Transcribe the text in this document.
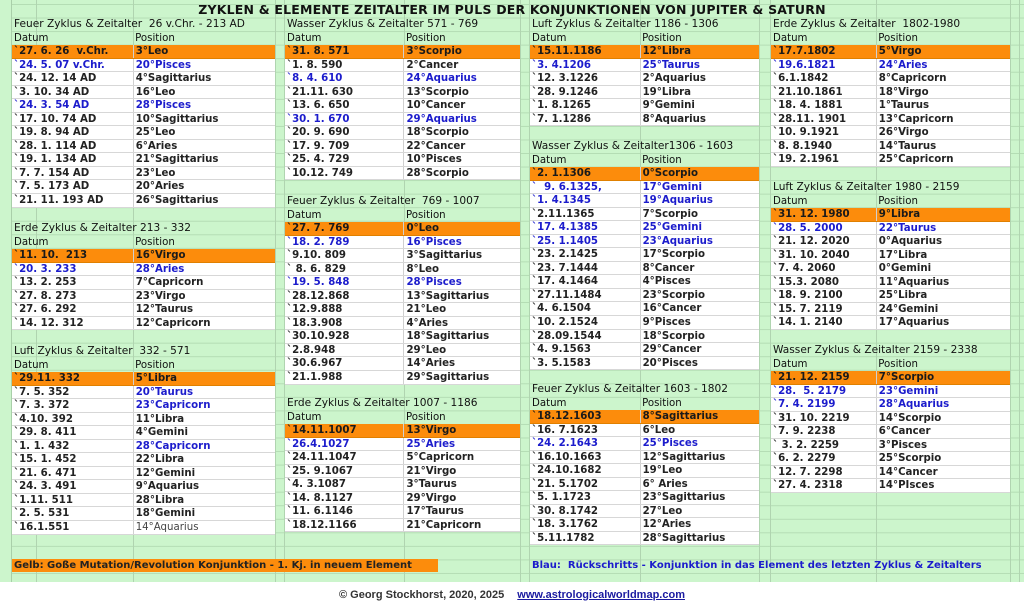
ZYKLEN & ELEMENTE ZEITALTER IM PULS DER KONJUNKTIONEN VON JUPITER & SATURN
Feuer Zyklus & Zeitalter  26 v.Chr. - 213 AD
Datum	Position
`27. 6. 26  v.Chr.	3°Leo
`24. 5. 07 v.Chr.	20°Pisces
`24. 12. 14 AD	4°Sagittarius
`3. 10. 34 AD	16°Leo
`24. 3. 54 AD	28°Pisces
`17. 10. 74 AD	10°Sagittarius
`19. 8. 94 AD	25°Leo
`28. 1. 114 AD	6°Aries
`19. 1. 134 AD	21°Sagittarius
`7. 7. 154 AD	23°Leo
`7. 5. 173 AD	20°Aries
`21. 11. 193 AD	26°Sagittarius
Erde Zyklus & Zeitalter 213 - 332
Datum	Position
`11. 10.  213	16°Virgo
`20. 3. 233	28°Aries
`13. 2. 253	7°Capricorn
`27. 8. 273	23°Virgo
`27. 6. 292	12°Taurus
`14. 12. 312	12°Capricorn
Luft Zyklus & Zeitalter  332 - 571
Datum	Position
`29.11. 332	5°Libra
`7. 5. 352	20°Taurus
`7. 3. 372	23°Capricorn
`4.10. 392	11°Libra
`29. 8. 411	4°Gemini
`1. 1. 432	28°Capricorn
`15. 1. 452	22°Libra
`21. 6. 471	12°Gemini
`24. 3. 491	9°Aquarius
`1.11. 511	28°Libra
`2. 5. 531	18°Gemini
`16.1.551	14°Aquarius
Wasser Zyklus & Zeitalter 571 - 769
Datum	Position
`31. 8. 571	3°Scorpio
`1. 8. 590	2°Cancer
`8. 4. 610	24°Aquarius
`21.11. 630	13°Scorpio
`13. 6. 650	10°Cancer
`30. 1. 670	29°Aquarius
`20. 9. 690	18°Scorpio
`17. 9. 709	22°Cancer
`25. 4. 729	10°Pisces
`10.12. 749	28°Scorpio
Feuer Zyklus & Zeitalter  769 - 1007
Datum	Position
`27. 7. 769	0°Leo
`18. 2. 789	16°Pisces
`9.10. 809	3°Sagittarius
` 8. 6. 829	8°Leo
`19. 5. 848	28°Pisces
`28.12.868	13°Sagittarius
`12.9.888	21°Leo
`18.3.908	4°Aries
`30.10.928	18°Sagittarius
`2.8.948	29°Leo
`30.6.967	14°Aries
`21.1.988	29°Sagittarius
Erde Zyklus & Zeitalter 1007 - 1186
Datum	Position
`14.11.1007	13°Virgo
`26.4.1027	25°Aries
`24.11.1047	5°Capricorn
`25. 9.1067	21°Virgo
`4. 3.1087	3°Taurus
`14. 8.1127	29°Virgo
`11. 6.1146	17°Taurus
`18.12.1166	21°Capricorn
Luft Zyklus & Zeitalter 1186 - 1306
Datum	Position
`15.11.1186	12°Libra
`3. 4.1206	25°Taurus
`12. 3.1226	2°Aquarius
`28. 9.1246	19°Libra
`1. 8.1265	9°Gemini
`7. 1.1286	8°Aquarius
Wasser Zyklus & Zeitalter1306 - 1603
Datum	Position
`2. 1.1306	0°Scorpio
`  9. 6.1325,	17°Gemini
`1. 4.1345	19°Aquarius
`2.11.1365	7°Scorpio
`17. 4.1385	25°Gemini
`25. 1.1405	23°Aquarius
`23. 2.1425	17°Scorpio
`23. 7.1444	8°Cancer
`17. 4.1464	4°Pisces
`27.11.1484	23°Scorpio
`4. 6.1504	16°Cancer
`10. 2.1524	9°Pisces
`28.09.1544	18°Scorpio
`4. 9.1563	29°Cancer
`3. 5.1583	20°Pisces
Feuer Zyklus & Zeitalter 1603 - 1802
Datum	Position
`18.12.1603	8°Sagittarius
`16. 7.1623	6°Leo
`24. 2.1643	25°Pisces
`16.10.1663	12°Sagittarius
`24.10.1682	19°Leo
`21. 5.1702	6° Aries
`5. 1.1723	23°Sagittarius
`30. 8.1742	27°Leo
`18. 3.1762	12°Aries
`5.11.1782	28°Sagittarius
Erde Zyklus & Zeitalter  1802-1980
Datum	Position
`17.7.1802	5°Virgo
`19.6.1821	24°Aries
`6.1.1842	8°Capricorn
`21.10.1861	18°Virgo
`18. 4. 1881	1°Taurus
`28.11. 1901	13°Capricorn
`10. 9.1921	26°Virgo
`8. 8.1940	14°Taurus
`19. 2.1961	25°Capricorn
Luft Zyklus & Zeitalter 1980 - 2159
Datum	Position
`31. 12. 1980	9°Libra
`28. 5. 2000	22°Taurus
`21. 12. 2020	0°Aquarius
`31. 10. 2040	17°Libra
`7. 4. 2060	0°Gemini
`15.3. 2080	11°Aquarius
`18. 9. 2100	25°Libra
`15. 7. 2119	24°Gemini
`14. 1. 2140	17°Aquarius
Wasser Zyklus & Zeitalter 2159 - 2338
Datum	Position
`21. 12. 2159	7°Scorpio
`28.  5. 2179	23°Gemini
`7. 4. 2199	28°Aquarius
`31. 10. 2219	14°Scorpio
`7. 9. 2238	6°Cancer
` 3. 2. 2259	3°Pisces
`6. 2. 2279	25°Scorpio
`12. 7. 2298	14°Cancer
`27. 4. 2318	14°PIsces
Gelb: Goße Mutation/Revolution Konjunktion - 1. Kj. in neuem Element	Blau:  Rückschritts - Konjunktion in das Element des letzten Zyklus & Zeitalters
© Georg Stockhorst, 2020, 2025 www.astrologicalworldmap.com
